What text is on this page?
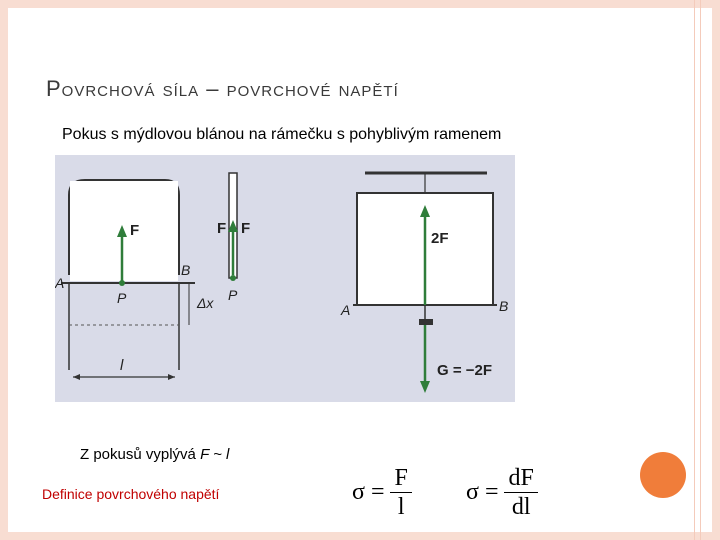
Povrchová síla – povrchové napětí
Pokus s mýdlovou blánou na rámečku s pohyblivým ramenem
F
A
B
P	Δx
l
F F
P
2F
A	B
G = −2F
Z pokusů vyplývá F ~ l
Definice povrchového napětí	$\sigma = \frac{F}{l}$ $\sigma = \frac{dF}{dl}$
